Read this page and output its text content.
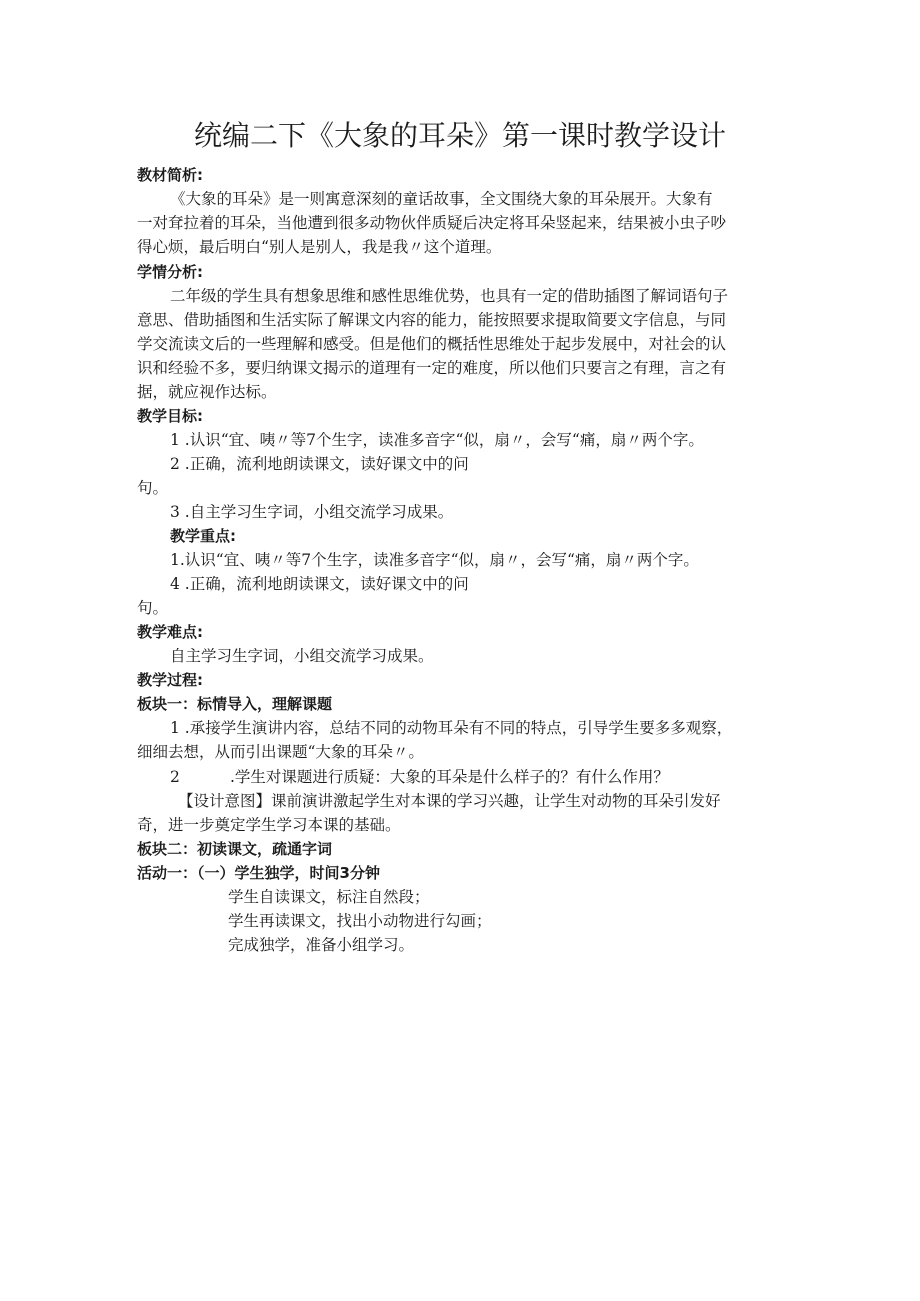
统编二下《大象的耳朵》第一课时教学设计
教材简析:
《大象的耳朵》是一则寓意深刻的童话故事，全文围绕大象的耳朵展开。大象有
一对耷拉着的耳朵，当他遭到很多动物伙伴质疑后决定将耳朵竖起来，结果被小虫子吵
得心烦，最后明白“别人是别人，我是我〃这个道理。
学情分析:
二年级的学生具有想象思维和感性思维优势，也具有一定的借助插图了解词语句子
意思、借助插图和生活实际了解课文内容的能力，能按照要求提取简要文字信息，与同
学交流读文后的一些理解和感受。但是他们的概括性思维处于起步发展中，对社会的认
识和经验不多，要归纳课文揭示的道理有一定的难度，所以他们只要言之有理，言之有
据，就应视作达标。
教学目标:
1 .认识“宜、咦〃等7个生字，读准多音字“似，扇〃，会写“痛，扇〃两个字。
2 .正确，流利地朗读课文，读好课文中的问
句。
3 .自主学习生字词，小组交流学习成果。
教学重点:
1.认识“宜、咦〃等7个生字，读准多音字“似，扇〃，会写“痛，扇〃两个字。
4 .正确，流利地朗读课文，读好课文中的问
句。
教学难点:
自主学习生字词，小组交流学习成果。
教学过程:
板块一：标情导入，理解课题
1 .承接学生演讲内容，总结不同的动物耳朵有不同的特点，引导学生要多多观察，
细细去想，从而引出课题“大象的耳朵〃。
2	.学生对课题进行质疑：大象的耳朵是什么样子的？有什么作用？
【设计意图】课前演讲激起学生对本课的学习兴趣，让学生对动物的耳朵引发好
奇，进一步奠定学生学习本课的基础。
板块二：初读课文，疏通字词
活动一：（一）学生独学，时间3分钟
学生自读课文，标注自然段；
学生再读课文，找出小动物进行勾画；
完成独学，准备小组学习。
